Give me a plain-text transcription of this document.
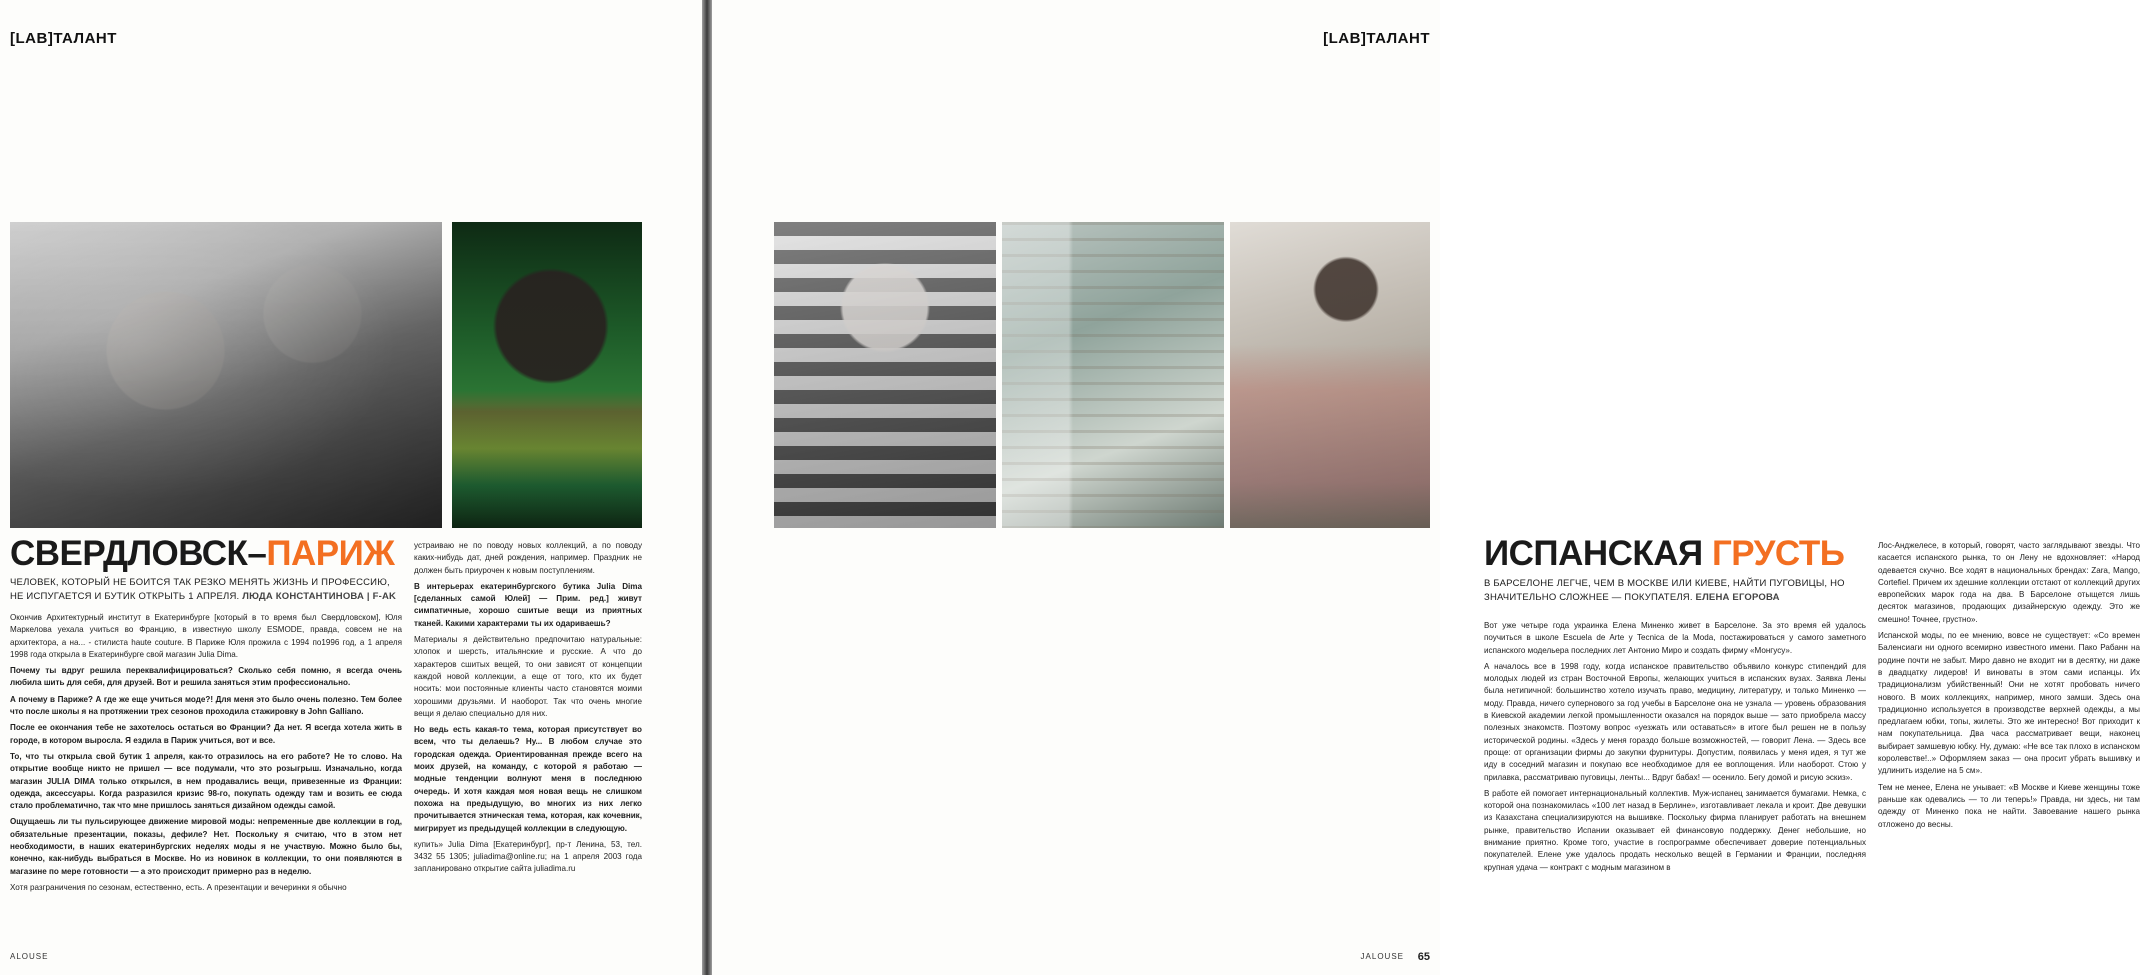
[LAB]ТАЛАНТ
СВЕРДЛОВСК–ПАРИЖ
ЧЕЛОВЕК, КОТОРЫЙ НЕ БОИТСЯ ТАК РЕЗКО МЕНЯТЬ ЖИЗНЬ И ПРОФЕССИЮ, НЕ ИСПУГАЕТСЯ И БУТИК ОТКРЫТЬ 1 АПРЕЛЯ. ЛЮДА КОНСТАНТИНОВА | F-AK

Окончив Архитектурный институт в Екатеринбурге [который в то время был Свердловском], Юля Маркелова уехала учиться во Францию, в известную школу ESMODE, правда, совсем не на архитектора, а на... - стилиста haute couture. В Париже Юля прожила с 1994 по1996 год, а 1 апреля 1998 года открыла в Екатеринбурге свой магазин Julia Dima.

Почему ты вдруг решила переквалифицироваться? Сколько себя помню, я всегда очень любила шить для себя, для друзей. Вот и решила заняться этим профессионально.

А почему в Париже? А где же еще учиться моде?! Для меня это было очень полезно. Тем более что после школы я на протяжении трех сезонов проходила стажировку в John Galliano.

После ее окончания тебе не захотелось остаться во Франции? Да нет. Я всегда хотела жить в городе, в котором выросла. Я ездила в Париж учиться, вот и все.

То, что ты открыла свой бутик 1 апреля, как-то отразилось на его работе? Не то слово. На открытие вообще никто не пришел — все подумали, что это розыгрыш. Изначально, когда магазин JULIA DIMA только открылся, в нем продавались вещи, привезенные из Франции: одежда, аксессуары. Когда разразился кризис 98-го, покупать одежду там и возить ее сюда стало проблематично, так что мне пришлось заняться дизайном одежды самой.

Ощущаешь ли ты пульсирующее движение мировой моды: непременные две коллекции в год, обязательные презентации, показы, дефиле? Нет. Поскольку я считаю, что в этом нет необходимости, в наших екатеринбургских неделях моды я не участвую. Можно было бы, конечно, как-нибудь выбраться в Москве. Но из новинок в коллекции, то они появляются в магазине по мере готовности — а это происходит примерно раз в неделю.

Хотя разграничения по сезонам, естественно, есть. А презентации и вечеринки я обычно

устраиваю не по поводу новых коллекций, а по поводу каких-нибудь дат, дней рождения, например. Праздник не должен быть приурочен к новым поступлениям.

В интерьерах екатеринбургского бутика Julia Dima [сделанных самой Юлей] — Прим. ред.] живут симпатичные, хорошо сшитые вещи из приятных тканей. Какими характерами ты их одариваешь?

Материалы я действительно предпочитаю натуральные: хлопок и шерсть, итальянские и русские. А что до характеров сшитых вещей, то они зависят от концепции каждой новой коллекции, а еще от того, кто их будет носить: мои постоянные клиенты часто становятся моими хорошими друзьями. И наоборот. Так что очень многие вещи я делаю специально для них.

Но ведь есть какая-то тема, которая присутствует во всем, что ты делаешь? Ну... В любом случае это городская одежда. Ориентированная прежде всего на моих друзей, на команду, с которой я работаю — модные тенденции волнуют меня в последнюю очередь. И хотя каждая моя новая вещь не слишком похожа на предыдущую, во многих из них легко прочитывается этническая тема, которая, как кочевник, мигрирует из предыдущей коллекции в следующую.

купить» Julia Dima [Екатеринбург], пр-т Ленина, 53, тел. 3432 55 1305; juliadima@online.ru; на 1 апреля 2003 года запланировано открытие сайта juliadima.ru

ALOUSE
[LAB]ТАЛАНТ
ИСПАНСКАЯ ГРУСТЬ
В БАРСЕЛОНЕ ЛЕГЧЕ, ЧЕМ В МОСКВЕ ИЛИ КИЕВЕ, НАЙТИ ПУГОВИЦЫ, НО ЗНАЧИТЕЛЬНО СЛОЖНЕЕ — ПОКУПАТЕЛЯ. ЕЛЕНА ЕГОРОВА

Вот уже четыре года украинка Елена Миненко живет в Барселоне. За это время ей удалось поучиться в школе Escuela de Arte y Tecnica de la Moda, постажироваться у самого заметного испанского модельера последних лет Антонио Миро и создать фирму «Монгусу».

А началось все в 1998 году, когда испанское правительство объявило конкурс стипендий для молодых людей из стран Восточной Европы, желающих учиться в испанских вузах. Заявка Лены была нетипичной: большинство хотело изучать право, медицину, литературу, и только Миненко — моду. Правда, ничего суперновогo за год учебы в Барселоне она не узнала — уровень образования в Киевской академии легкой промышленности оказался на порядок выше — зато приобрела массу полезных знакомств. Поэтому вопрос «уезжать или оставаться» в итоге был решен не в пользу исторической родины. «Здесь у меня гораздо больше возможностей, — говорит Лена. — Здесь все проще: от организации фирмы до закупки фурнитуры. Допустим, появилась у меня идея, я тут же иду в соседний магазин и покупаю все необходимое для ее воплощения. Или наоборот. Стою у прилавка, рассматриваю пуговицы, ленты... Вдруг бабах! — осенило. Бегу домой и рисую эскиз».

В работе ей помогает интернациональный коллектив. Муж-испанец занимается бумагами. Немка, с которой она познакомилась «100 лет назад в Берлине», изготавливает лекала и кроит. Две девушки из Казахстана специализируются на вышивке. Поскольку фирма планирует работать на внешнем рынке, правительство Испании оказывает ей финансовую поддержку. Денег небольшие, но внимание приятно. Кроме того, участие в госпрограмме обеспечивает доверие потенциальных покупателей. Елене уже удалось продать несколько вещей в Германии и Франции, последняя крупная удача — контракт с модным магазином в

Лос-Анджелесе, в который, говорят, часто заглядывают звезды. Что касается испанского рынка, то он Лену не вдохновляет: «Народ одевается скучно. Все ходят в национальных брендах: Zara, Mango, Cortefiel. Причем их здешние коллекции отстают от коллекций других европейских марок года на два. В Барселоне отыщется лишь десяток магазинов, продающих дизайнерскую одежду. Это же смешно! Точнее, грустно».

Испанской моды, по ее мнению, вовсе не существует: «Со времен Баленсиаги ни одного всемирно известного имени. Пако Рабанн на родине почти не забыт. Миро давно не входит ни в десятку, ни даже в двадцатку лидеров! И виноваты в этом сами испанцы. Их традиционализм убийственный! Они не хотят пробовать ничего нового. В моих коллекциях, например, много замши. Здесь она традиционно используется в производстве верхней одежды, а мы предлагаем юбки, топы, жилеты. Это же интересно! Вот приходит к нам покупательница. Два часа рассматривает вещи, наконец выбирает замшевую юбку. Ну, думаю: «Не все так плохо в испанском королевстве!..» Оформляем заказ — она просит убрать вышивку и удлинить изделие на 5 см».

Тем не менее, Елена не унывает: «В Москве и Киеве женщины тоже раньше как одевались — то ли теперь!» Правда, ни здесь, ни там одежду от Миненко пока не найти. Завоевание нашего рынка отложено до весны.

JALOUSE 65
